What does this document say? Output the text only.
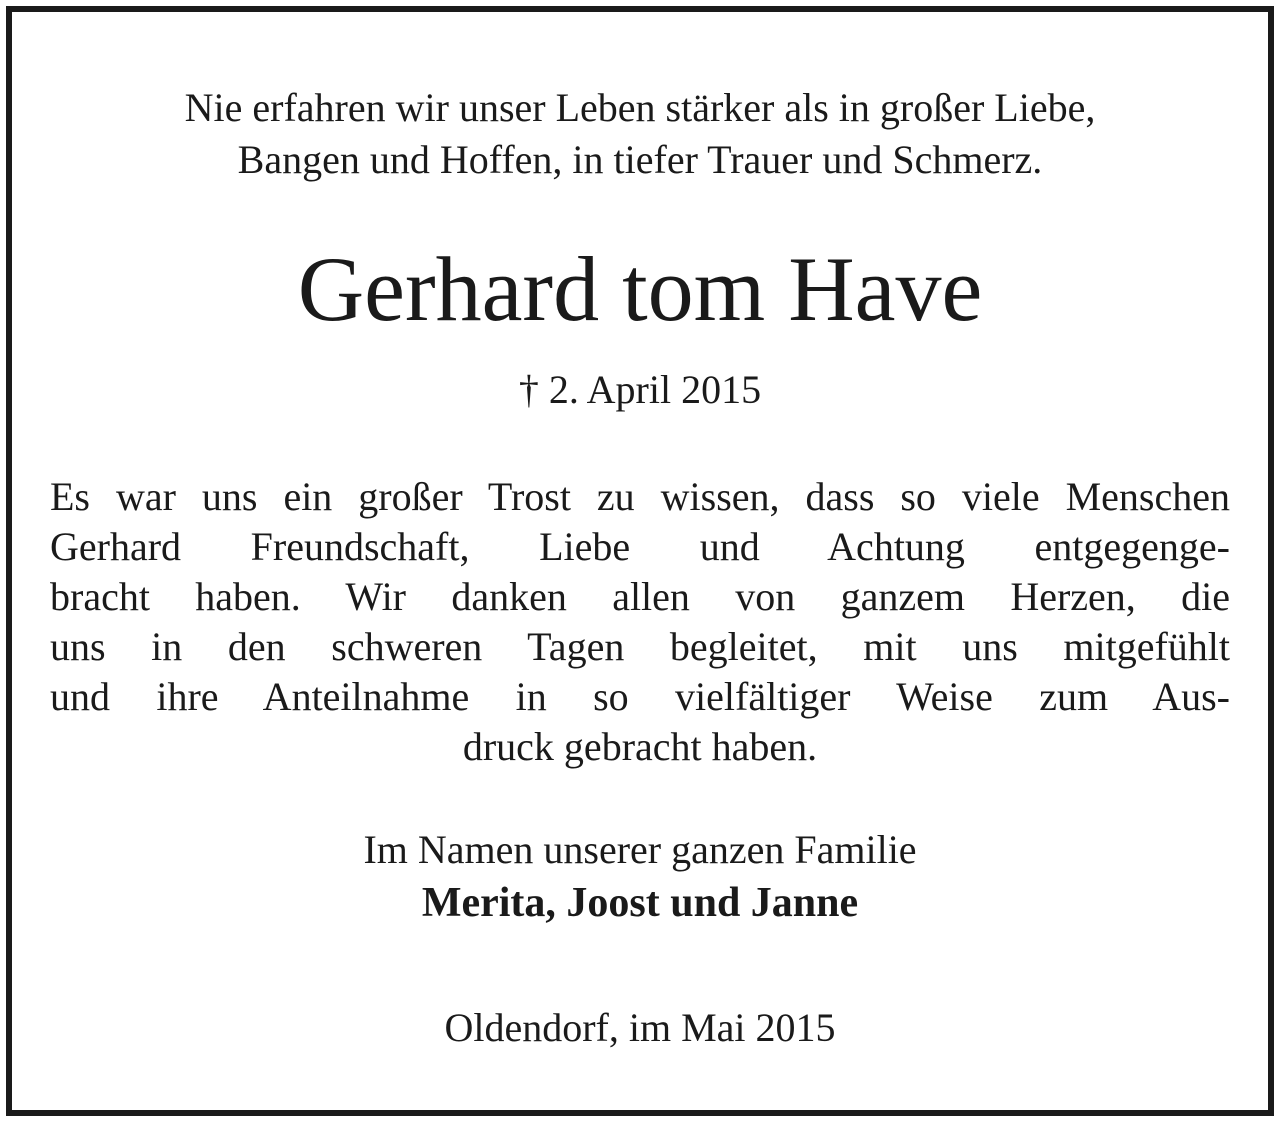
Nie erfahren wir unser Leben stärker als in großer Liebe,
Bangen und Hoffen, in tiefer Trauer und Schmerz.
Gerhard tom Have
† 2. April 2015
Es war uns ein großer Trost zu wissen, dass so viele Menschen
Gerhard Freundschaft, Liebe und Achtung entgegenge-
bracht haben. Wir danken allen von ganzem Herzen, die
uns in den schweren Tagen begleitet, mit uns mitgefühlt
und ihre Anteilnahme in so vielfältiger Weise zum Aus-
druck gebracht haben.
Im Namen unserer ganzen Familie
Merita, Joost und Janne
Oldendorf, im Mai 2015
